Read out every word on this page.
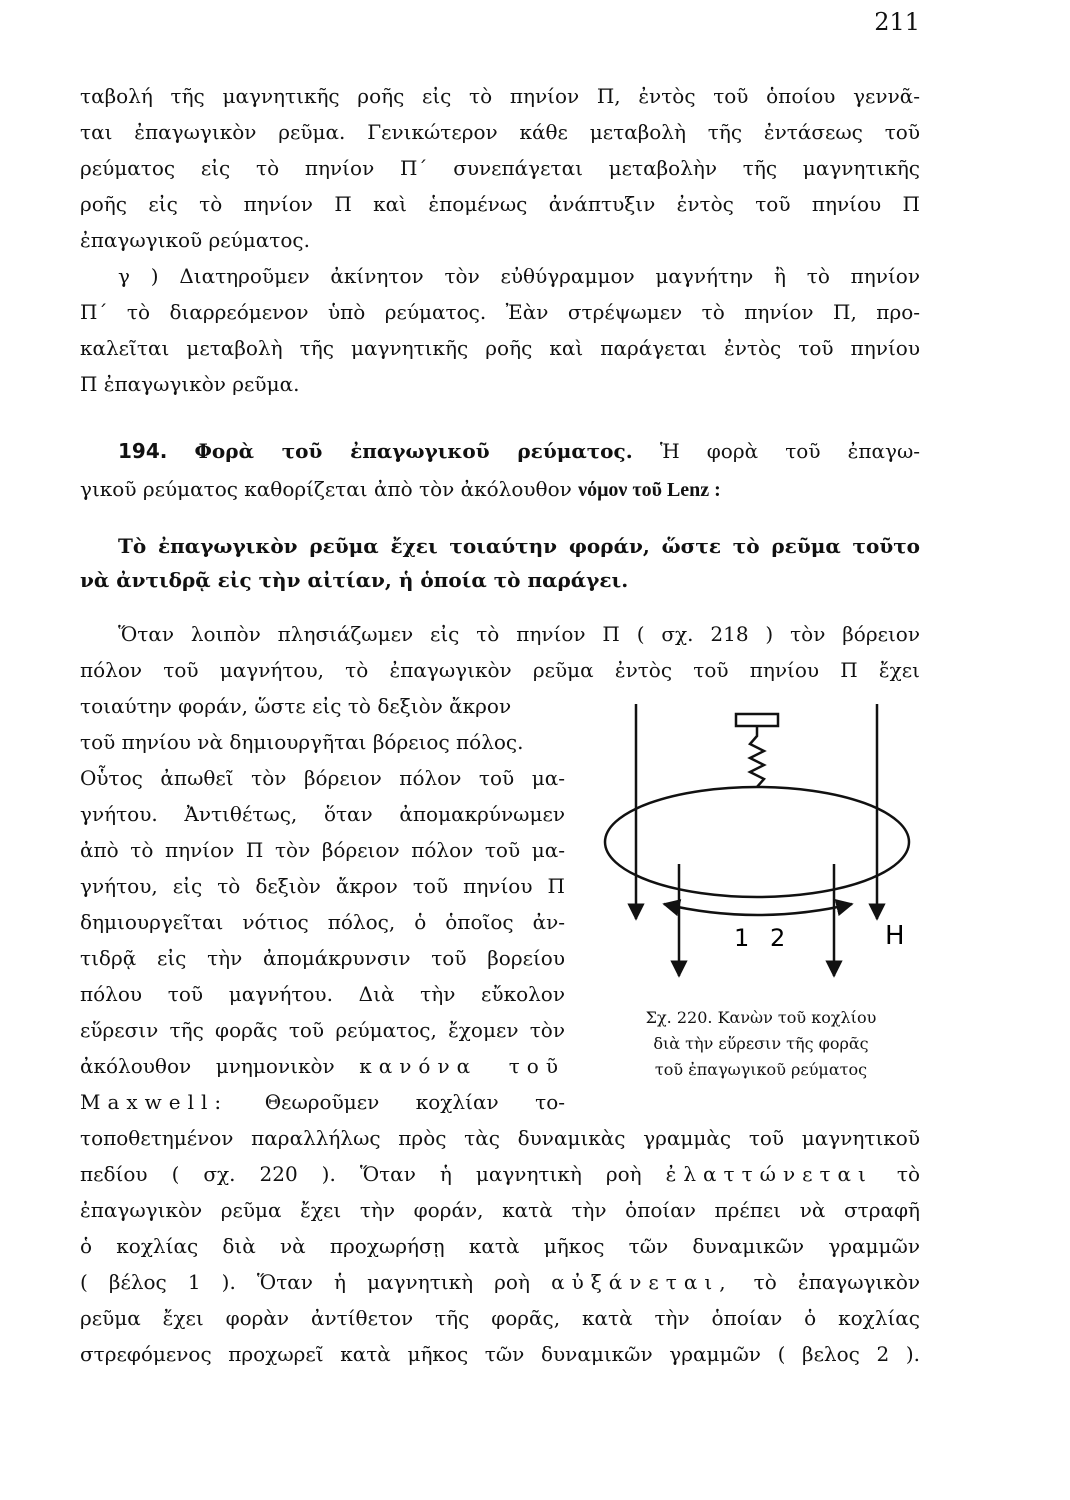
211
ταβολή τῆς μαγνητικῆς ροῆς εἰς τὸ πηνίον Π, ἐντὸς τοῦ ὁποίου γεννᾶ-
ται ἐπαγωγικὸν ρεῦμα. Γενικώτερον κάθε μεταβολὴ τῆς ἐντάσεως τοῦ
ρεύματος εἰς τὸ πηνίον Π΄ συνεπάγεται μεταβολὴν τῆς μαγνητικῆς
ροῆς εἰς τὸ πηνίον Π καὶ ἑπομένως ἀνάπτυξιν ἐντὸς τοῦ πηνίου Π
ἐπαγωγικοῦ ρεύματος.
γ ) Διατηροῦμεν ἀκίνητον τὸν εὐθύγραμμον μαγνήτην ἢ τὸ πηνίον
Π΄ τὸ διαρρεόμενον ὑπὸ ρεύματος. Ἐὰν στρέψωμεν τὸ πηνίον Π, προ-
καλεῖται μεταβολὴ τῆς μαγνητικῆς ροῆς καὶ παράγεται ἐντὸς τοῦ πηνίου
Π ἐπαγωγικὸν ρεῦμα.
194. Φορὰ τοῦ ἐπαγωγικοῦ ρεύματος. Ἡ φορὰ τοῦ ἐπαγω-
γικοῦ ρεύματος καθορίζεται ἀπὸ τὸν ἀκόλουθον νόμον τοῦ Lenz :
Τὸ ἐπαγωγικὸν ρεῦμα ἔχει τοιαύτην φοράν, ὥστε τὸ ρεῦμα τοῦτο
νὰ ἀντιδρᾷ εἰς τὴν αἰτίαν, ἡ ὁποία τὸ παράγει.
Ὅταν λοιπὸν πλησιάζωμεν εἰς τὸ πηνίον Π ( σχ. 218 ) τὸν βόρειον
πόλον τοῦ μαγνήτου, τὸ ἐπαγωγικὸν ρεῦμα ἐντὸς τοῦ πηνίου Π ἔχει
τοιαύτην φοράν, ὥστε εἰς τὸ δεξιὸν ἄκρον
τοῦ πηνίου νὰ δημιουργῆται βόρειος πόλος.
Οὗτος ἀπωθεῖ τὸν βόρειον πόλον τοῦ μα-
γνήτου. Ἀντιθέτως, ὅταν ἀπομακρύνωμεν
ἀπὸ τὸ πηνίον Π τὸν βόρειον πόλον τοῦ μα-
γνήτου, εἰς τὸ δεξιὸν ἄκρον τοῦ πηνίου Π
δημιουργεῖται νότιος πόλος, ὁ ὁποῖος ἀν-
τιδρᾷ εἰς τὴν ἀπομάκρυνσιν τοῦ βορείου
πόλου τοῦ μαγνήτου. Διὰ τὴν εὔκολον
εὕρεσιν τῆς φορᾶς τοῦ ρεύματος, ἔχομεν τὸν
ἀκόλουθον μνημονικὸν κανόνα τοῦ
Maxwell: Θεωροῦμεν κοχλίαν το-
τοποθετημένον παραλλήλως πρὸς τὰς δυναμικὰς γραμμὰς τοῦ μαγνητικοῦ
πεδίου ( σχ. 220 ). Ὅταν ἡ μαγνητικὴ ροὴ ἐλαττώνεται τὸ
ἐπαγωγικὸν ρεῦμα ἔχει τὴν φοράν, κατὰ τὴν ὁποίαν πρέπει νὰ στραφῆ
ὁ κοχλίας διὰ νὰ προχωρήσῃ κατὰ μῆκος τῶν δυναμικῶν γραμμῶν
( βέλος 1 ). Ὅταν ἡ μαγνητικὴ ροὴ αὐξάνεται, τὸ ἐπαγωγικὸν
ρεῦμα ἔχει φορὰν ἀντίθετον τῆς φορᾶς, κατὰ τὴν ὁποίαν ὁ κοχλίας
στρεφόμενος προχωρεῖ κατὰ μῆκος τῶν δυναμικῶν γραμμῶν ( βελος 2 ).
1 2	H
Σχ. 220. Κανὼν τοῦ κοχλίου
διὰ τὴν εὕρεσιν τῆς φορᾶς
τοῦ ἐπαγωγικοῦ ρεύματος
